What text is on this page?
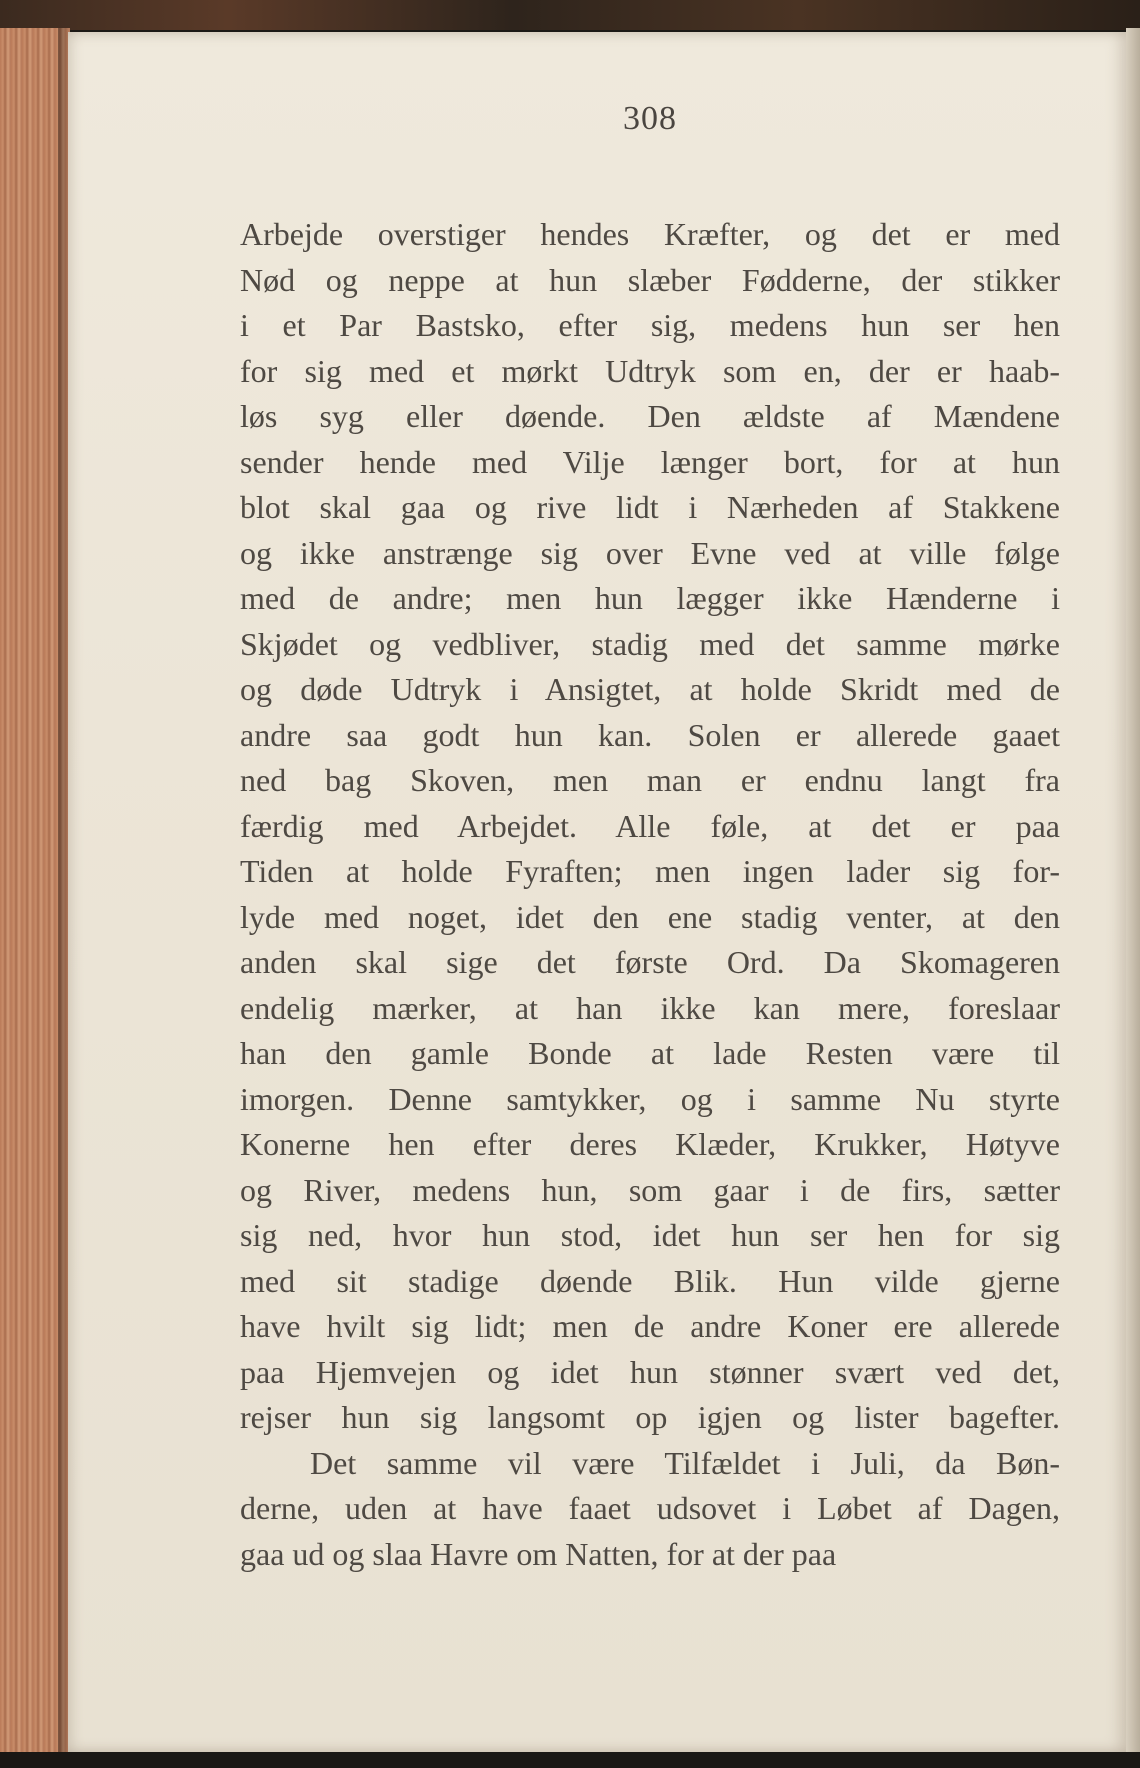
308
Arbejde overstiger hendes Kræfter, og det er med
Nød og neppe at hun slæber Fødderne, der stikker
i et Par Bastsko, efter sig, medens hun ser hen
for sig med et mørkt Udtryk som en, der er haab-
løs syg eller døende. Den ældste af Mændene
sender hende med Vilje længer bort, for at hun
blot skal gaa og rive lidt i Nærheden af Stakkene
og ikke anstrænge sig over Evne ved at ville følge
med de andre; men hun lægger ikke Hænderne i
Skjødet og vedbliver, stadig med det samme mørke
og døde Udtryk i Ansigtet, at holde Skridt med de
andre saa godt hun kan. Solen er allerede gaaet
ned bag Skoven, men man er endnu langt fra
færdig med Arbejdet. Alle føle, at det er paa
Tiden at holde Fyraften; men ingen lader sig for-
lyde med noget, idet den ene stadig venter, at den
anden skal sige det første Ord. Da Skomageren
endelig mærker, at han ikke kan mere, foreslaar
han den gamle Bonde at lade Resten være til
imorgen. Denne samtykker, og i samme Nu styrte
Konerne hen efter deres Klæder, Krukker, Høtyve
og River, medens hun, som gaar i de firs, sætter
sig ned, hvor hun stod, idet hun ser hen for sig
med sit stadige døende Blik. Hun vilde gjerne
have hvilt sig lidt; men de andre Koner ere allerede
paa Hjemvejen og idet hun stønner svært ved det,
rejser hun sig langsomt op igjen og lister bagefter.
Det samme vil være Tilfældet i Juli, da Bøn-
derne, uden at have faaet udsovet i Løbet af Dagen,
gaa ud og slaa Havre om Natten, for at der paa
